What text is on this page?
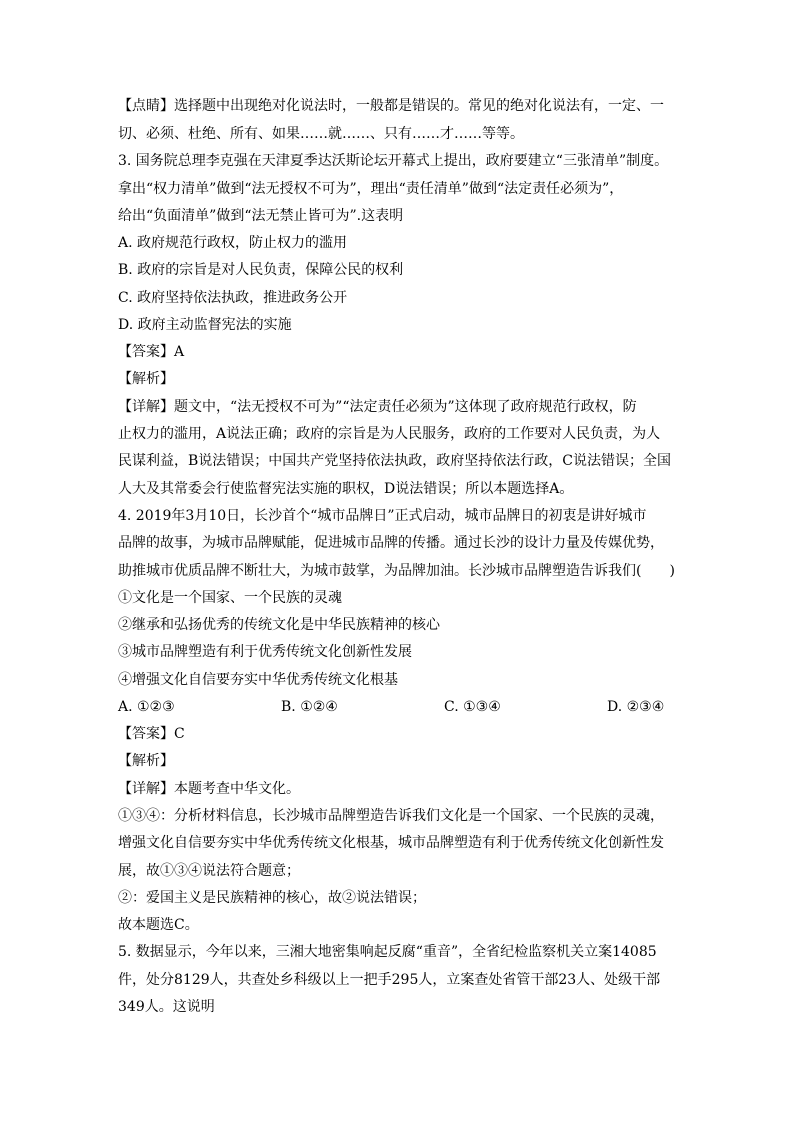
【点睛】选择题中出现绝对化说法时，一般都是错误的。常见的绝对化说法有，一定、一
切、必须、杜绝、所有、如果……就……、只有……才……等等。
3. 国务院总理李克强在天津夏季达沃斯论坛开幕式上提出，政府要建立“三张清单”制度。
拿出“权力清单”做到“法无授权不可为”，理出“责任清单”做到“法定责任必须为”，
给出“负面清单”做到“法无禁止皆可为”.这表明
A. 政府规范行政权，防止权力的滥用
B. 政府的宗旨是对人民负责，保障公民的权利
C. 政府坚持依法执政，推进政务公开
D. 政府主动监督宪法的实施
【答案】A
【解析】
【详解】题文中，“法无授权不可为”“法定责任必须为”这体现了政府规范行政权，防
止权力的滥用，A说法正确；政府的宗旨是为人民服务，政府的工作要对人民负责，为人
民谋利益，B说法错误；中国共产党坚持依法执政，政府坚持依法行政，C说法错误；全国
人大及其常委会行使监督宪法实施的职权，D说法错误；所以本题选择A。
4. 2019年3月10日，长沙首个“城市品牌日”正式启动，城市品牌日的初衷是讲好城市
品牌的故事，为城市品牌赋能，促进城市品牌的传播。通过长沙的设计力量及传媒优势，
助推城市优质品牌不断壮大，为城市鼓掌，为品牌加油。长沙城市品牌塑造告诉我们(　　)
①文化是一个国家、一个民族的灵魂
②继承和弘扬优秀的传统文化是中华民族精神的核心
③城市品牌塑造有利于优秀传统文化创新性发展
④增强文化自信要夯实中华优秀传统文化根基
A. ①②③	B. ①②④	C. ①③④	D. ②③④
【答案】C
【解析】
【详解】本题考查中华文化。
①③④：分析材料信息，长沙城市品牌塑造告诉我们文化是一个国家、一个民族的灵魂，
增强文化自信要夯实中华优秀传统文化根基，城市品牌塑造有利于优秀传统文化创新性发
展，故①③④说法符合题意；
②：爱国主义是民族精神的核心，故②说法错误；
故本题选C。
5. 数据显示，今年以来，三湘大地密集响起反腐“重音”，全省纪检监察机关立案14085
件，处分8129人，共查处乡科级以上一把手295人，立案查处省管干部23人、处级干部
349人。这说明
